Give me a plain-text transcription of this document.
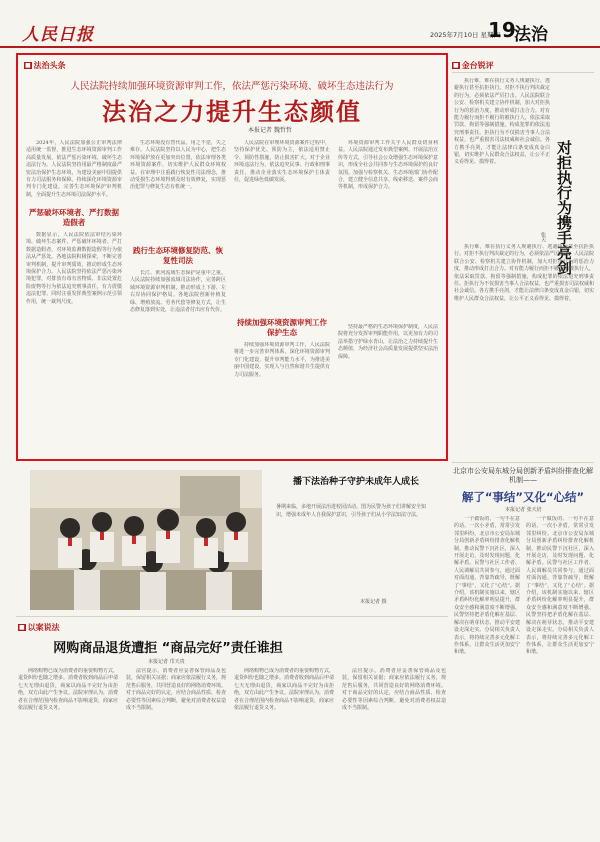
人民日报	2025年7月10日 星期四
19
法治
■ 法治头条
人民法院持续加强环境资源审判工作，依法严惩污染环境、破坏生态违法行为
法治之力提升生态颜值
本报记者 魏哲哲
2024年，人民法院加强公正审判法律适用统一监督，推进生态环境资源审判工作高质量发展，依法严惩污染环境、破坏生态违法行为。人民法院坚持用最严格制度最严密法治保护生态环境，为建设美丽中国提供有力司法服务和保障。持续深化环境资源审判专门化建设，完善生态环境保护审判机制，全面提升生态环境司法保护水平。
严惩破坏环境者、严打数据造假者
数据显示，人民法院依法审结污染环境、破坏生态案件，严惩破坏环境者、严打数据造假者，对环境监测数据造假等行为依法从严惩处。各地法院积极探索，不断完善审判机制，提升审判质效，推动形成生态环境保护合力。人民法院坚持依法严惩污染环境犯罪，对排放有毒有害物质、非法处置危险废物等行为依法追究刑事责任，有力震慑违法犯罪。同时注重发挥典型案例示范引领作用，统一裁判尺度。
生态环境没有替代品，用之不觉，失之难存。人民法院坚持以人民为中心，把生态环境保护放在更加突出位置，依法审理各类环境资源案件，切实维护人民群众环境权益。在审理中注重践行恢复性司法理念，推动受损生态环境得到及时有效修复，实现惩治犯罪与修复生态有机统一。
践行生态环境修复防范、恢复性司法
长江、黄河流域生态保护是重中之重。人民法院持续加强流域司法协作，完善跨区域环境资源审判机制，推动形成上下游、左右岸协同保护格局。各地法院创新补植复绿、增殖放流、劳务代偿等修复方式，让生态修复落到实处，让违法者付出应有代价。
人民法院在审理环境资源案件过程中，坚持保护优先、预防为主，依法适用禁止令、预防性措施，防止损害扩大。对于企业环境违法行为，依法追究民事、行政和刑事责任，推动企业落实生态环境保护主体责任，促进绿色低碳发展。
持续加强环境资源审判工作保护生态
持续加强环境资源审判工作，人民法院将进一步完善审判体系，深化环境资源审判专门化建设，提升审判能力水平，为推进美丽中国建设、实现人与自然和谐共生提供有力司法服务。
环境资源审判工作关乎人民群众切身利益。人民法院通过发布典型案例、开展法治宣传等方式，引导社会公众增强生态环境保护意识，形成全社会共同参与生态环境保护的良好氛围。加强与检察机关、生态环境部门协作配合，建立健全信息共享、线索移送、案件会商等机制，形成保护合力。
坚持最严格的生态环境保护制度，人民法院将充分发挥审判职能作用，以更加有力的司法举措守护绿水青山，让法治之力持续提升生态颜值，为经济社会高质量发展提供坚实法治保障。
■ 金台锐评
执行难，难在执行义务人规避执行、逃避执行甚至抗拒执行。对拒不执行判决裁定的行为，必须依法严厉打击。人民法院联合公安、检察机关建立协作机制，加大对拒执行为的惩治力度，推动形成打击合力。对有能力履行而拒不履行的被执行人，依法采取罚款、拘留等强制措施，构成犯罪的依法追究刑事责任。拒执行为不仅损害当事人合法权益，也严重损害司法权威和社会诚信。各方携手亮剑，才能让法律白条变成真金白银，切实维护人民群众合法权益，让公平正义看得见、摸得着。	对拒执行为携手亮剑
张天
执行难，难在执行义务人规避执行、逃避执行甚至抗拒执行。对拒不执行判决裁定的行为，必须依法严厉打击。人民法院联合公安、检察机关建立协作机制，加大对拒执行为的惩治力度，推动形成打击合力。对有能力履行而拒不履行的被执行人，依法采取罚款、拘留等强制措施，构成犯罪的依法追究刑事责任。拒执行为不仅损害当事人合法权益，也严重损害司法权威和社会诚信。各方携手亮剑，才能让法律白条变成真金白银，切实维护人民群众合法权益，让公平正义看得见、摸得着。
北京市公安局东城分局创新矛盾纠纷排查化解机制——
解了“事结”又化“心结”
本报记者 张天培
一个做饭的、一句不在意的话、一次小矛盾，常常引发邻里纠纷。北京市公安局东城分局创新矛盾纠纷排查化解机制，推动民警下沉社区，深入开展走访，及时发现问题、化解矛盾。民警与社区工作者、人民调解员共同参与，通过面对面沟通、背靠背疏导，既解了“事结”，又化了“心结”。据介绍，该机制实施以来，辖区矛盾纠纷化解率明显提升，群众安全感和满意度不断增强。民警坚持把矛盾化解在基层、解决在萌芽状态，推动平安建设走深走实。分局相关负责人表示，将持续完善多元化解工作体系，让群众生活更加安宁和谐。
一个做饭的、一句不在意的话、一次小矛盾，常常引发邻里纠纷。北京市公安局东城分局创新矛盾纠纷排查化解机制，推动民警下沉社区，深入开展走访，及时发现问题、化解矛盾。民警与社区工作者、人民调解员共同参与，通过面对面沟通、背靠背疏导，既解了“事结”，又化了“心结”。据介绍，该机制实施以来，辖区矛盾纠纷化解率明显提升，群众安全感和满意度不断增强。民警坚持把矛盾化解在基层、解决在萌芽状态，推动平安建设走深走实。分局相关负责人表示，将持续完善多元化解工作体系，让群众生活更加安宁和谐。
播下法治种子守护未成年人成长
暑期来临，多地开展法治进校园活动。图为民警为孩子们讲解安全知识，增强未成年人自我保护意识，引导孩子们从小学法知法守法。
本报记者 摄
■ 以案说法
网购商品退货遭拒 “商品完好”责任谁担
本报记者 邝天贵
网络购物已成为消费者的重要购物方式，退货纠纷也随之增多。消费者收到商品后申请七天无理由退货，商家以商品不完好为由拒绝，双方由此产生争议。法院审理认为，消费者在合理范围内检查商品不影响退货，商家应依法履行退货义务。
法官提示，消费者应妥善保管商品及包装，保留相关证据；商家应依法履行义务，规范售后服务，共同营造良好的网络消费环境。对于商品完好的认定，应结合商品性质、检查必要性等因素综合判断，避免对消费者权益造成不当限制。
网络购物已成为消费者的重要购物方式，退货纠纷也随之增多。消费者收到商品后申请七天无理由退货，商家以商品不完好为由拒绝，双方由此产生争议。法院审理认为，消费者在合理范围内检查商品不影响退货，商家应依法履行退货义务。
法官提示，消费者应妥善保管商品及包装，保留相关证据；商家应依法履行义务，规范售后服务，共同营造良好的网络消费环境。对于商品完好的认定，应结合商品性质、检查必要性等因素综合判断，避免对消费者权益造成不当限制。
